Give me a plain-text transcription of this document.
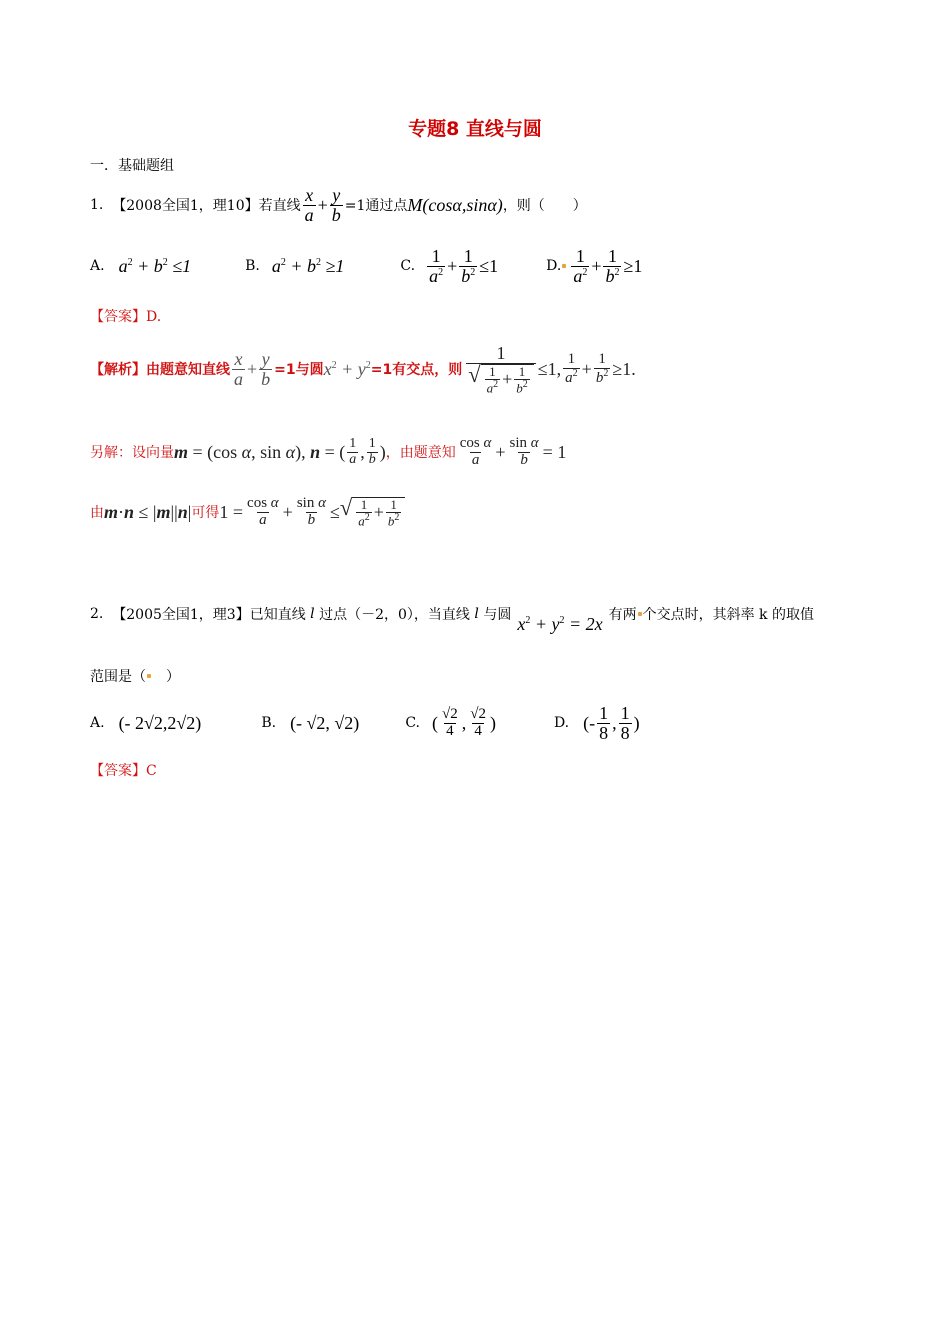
专题8 直线与圆
一．基础题组
1.
【2008全国1，理10】 若直线 $\frac{x}{a} + \frac{y}{b} =1$通过点 M(cosα,sinα) ，则（　　）
A. $a^2 + b^2 \le 1$	B. $a^2 + b^2 \ge 1$	C. $\frac{1}{a^2} + \frac{1}{b^2} \le 1$	D. $\frac{1}{a^2} + \frac{1}{b^2} \ge 1$
【答案】D.
【解析】由题意知直线 $\frac{x}{a} + \frac{y}{b} =1$与圆 $x^2 + y^2 =1$有交点，则 $\frac{1}{√ \frac{1}{a^2} + \frac{1}{b^2}} \le 1$, $\frac{1}{a^2} + \frac{1}{b^2} \ge 1$.
另解：设向量 m = (cos α, sin α), n = ( $\frac{1}{a}$ , $\frac{1}{b}$ ) ，由题意知 $\frac{\text{cos α}}{a} + \frac{\text{sin α}}{b} = 1$
由 m·n ≤ |m||n| 可得 $1 = \frac{\text{cos α}}{a} + \frac{\text{sin α}}{b}$ ≤ √ $\frac{1}{a^2} + \frac{1}{b^2}$
2.
【2005全国1，理3】 已知直线
l
过点（－2，0），当直线
l
与圆 $x^2 + y^2 = 2x$ 有两 个交点时，其斜率 k 的取值
范围是（ 　）
A. (- 2√2,2√2)	B. (- √2, √2)	C. ( $\frac{√2}{4}$ , $\frac{√2}{4}$ )	D. (- $\frac{1}{8}$ , $\frac{1}{8}$ )
【答案】C
